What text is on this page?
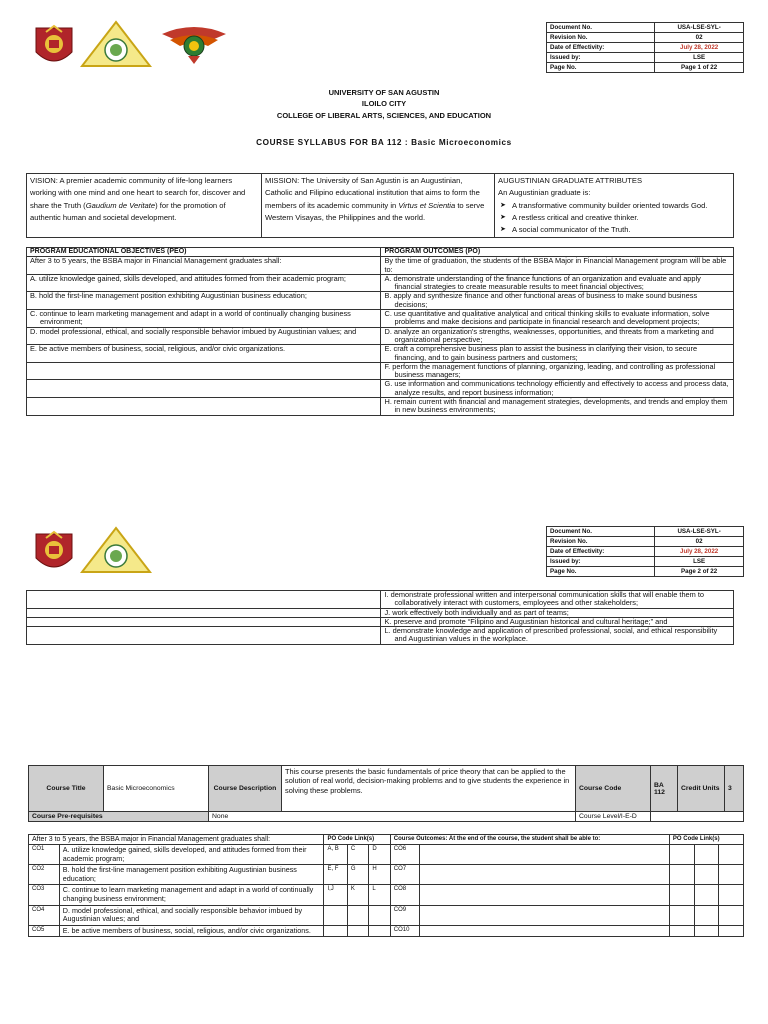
Document No.	USA-LSE-SYL-
Revision No.	02
Date of Effectivity:	July 28, 2022
Issued by:	LSE
Page No.	Page 1 of 22
UNIVERSITY OF SAN AGUSTIN
ILOILO CITY
COLLEGE OF LIBERAL ARTS, SCIENCES, AND EDUCATION
COURSE SYLLABUS FOR BA 112 : Basic Microeconomics
VISION: A premier academic community of life-long learners working with one mind and one heart to search for, discover and share the Truth (Gaudium de Veritate) for the promotion of authentic human and societal development.	MISSION: The University of San Agustin is an Augustinian, Catholic and Filipino educational institution that aims to form the members of its academic community in Virtus et Scientia to serve Western Visayas, the Philippines and the world.	
AUGUSTINIAN GRADUATE ATTRIBUTES
An Augustinian graduate is:
➤ A transformative community builder oriented towards God.
➤ A restless critical and creative thinker.
➤ A social communicator of the Truth.
PROGRAM EDUCATIONAL OBJECTIVES (PEO)	PROGRAM OUTCOMES (PO)
After 3 to 5 years, the BSBA major in Financial Management graduates shall:	By the time of graduation, the students of the BSBA Major in Financial Management program will be able to:

A. utilize knowledge gained, skills developed, and attitudes formed from their academic program;	A. demonstrate understanding of the finance functions of an organization and evaluate and apply financial strategies to create measurable results to meet financial objectives;

B. hold the first-line management position exhibiting Augustinian business education;	B. apply and synthesize finance and other functional areas of business to make sound business decisions;

C. continue to learn marketing management and adapt in a world of continually changing business environment;	C. use quantitative and qualitative analytical and critical thinking skills to evaluate information, solve problems and make decisions and participate in financial research and development projects;

D. model professional, ethical, and socially responsible behavior imbued by Augustinian values; and	D. analyze an organization's strengths, weaknesses, opportunities, and threats from a marketing and organizational perspective;

E. be active members of business, social, religious, and/or civic organizations.	E. craft a comprehensive business plan to assist the business in clarifying their vision, to secure financing, and to gain business partners and customers;

	F. perform the management functions of planning, organizing, leading, and controlling as professional business managers;

	G. use information and communications technology efficiently and effectively to access and process data, analyze results, and report business information;

	H. remain current with financial and management strategies, developments, and trends and employ them in new business environments;
Document No.	USA-LSE-SYL-
Revision No.	02
Date of Effectivity:	July 28, 2022
Issued by:	LSE
Page No.	Page 2 of 22

	I. demonstrate professional written and interpersonal communication skills that will enable them to collaboratively interact with customers, employees and other stakeholders;

	J. work effectively both individually and as part of teams;

	K. preserve and promote “Filipino and Augustinian historical and cultural heritage;” and

	L. demonstrate knowledge and application of prescribed professional, social, and ethical responsibility and Augustinian values in the workplace.
Course Title	Basic Microeconomics	Course Description	This course presents the basic fundamentals of price theory that can be applied to the solution of real world, decision-making problems and to give students the experience in solving these problems.	Course Code	BA 112	Credit Units	3
Course Pre-requisites		None		Course Level/I-E-D			
After 3 to 5 years, the BSBA major in Financial Management graduates shall:		PO Code Link(s)			Course Outcomes: At the end of the course, the student shall be able to:		PO Code Link(s)		
CO1	A. utilize knowledge gained, skills developed, and attitudes formed from their academic program;	A, B	C	D	CO6				
CO2	B. hold the first-line management position exhibiting Augustinian business education;	E, F	G	H	CO7				
CO3	C. continue to learn marketing management and adapt in a world of continually changing business environment;	I,J	K	L	CO8				
CO4	D. model professional, ethical, and socially responsible behavior imbued by Augustinian values; and				CO9				
CO5	E. be active members of business, social, religious, and/or civic organizations.				CO10				
